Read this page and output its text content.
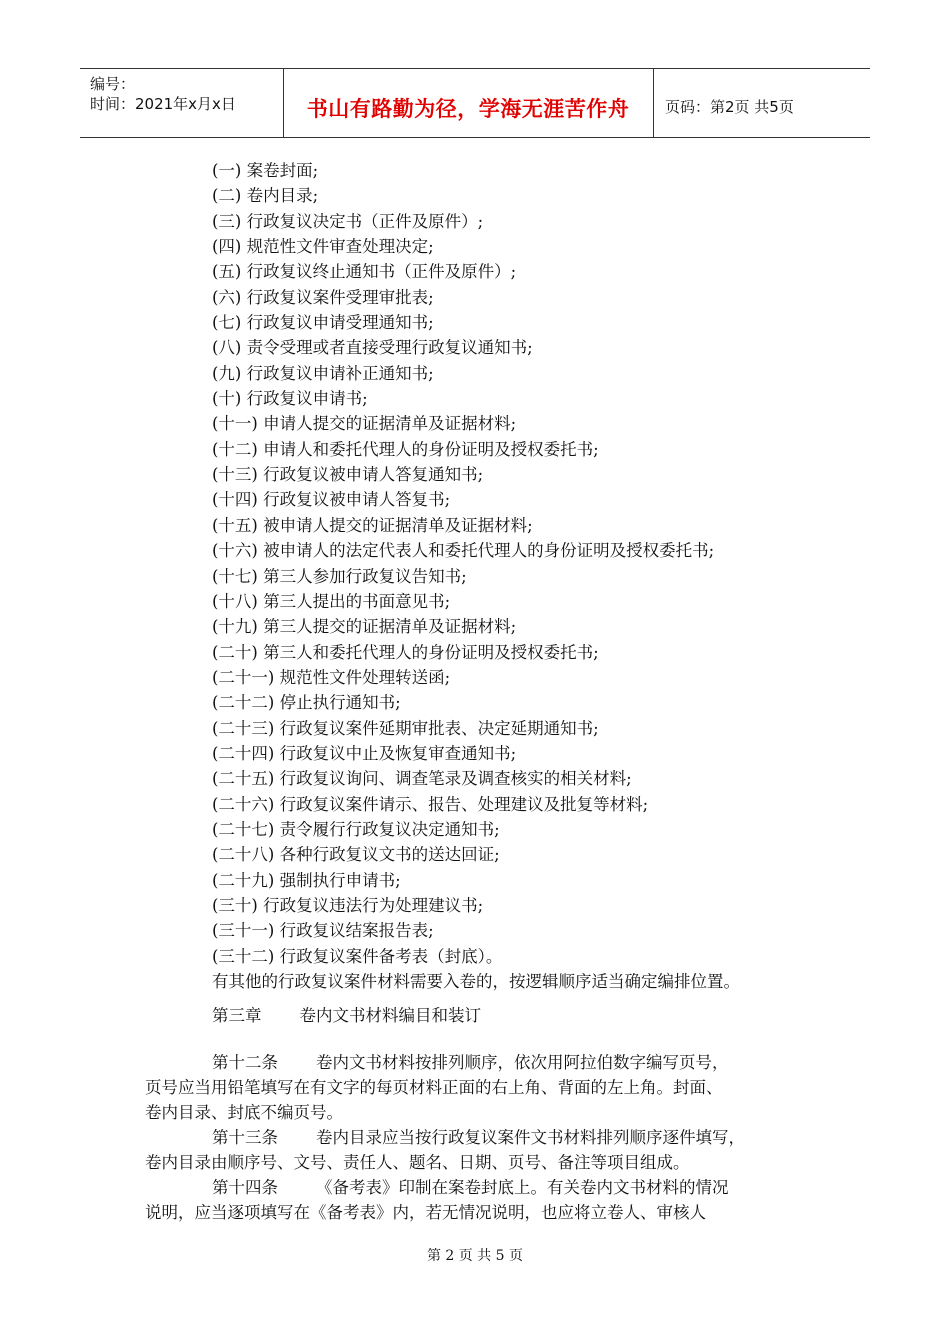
编号：
时间：2021年x月x日	书山有路勤为径，学海无涯苦作舟	页码：第2页 共5页
(一) 案卷封面;
(二) 卷内目录;
(三) 行政复议决定书（正件及原件）;
(四) 规范性文件审查处理决定;
(五) 行政复议终止通知书（正件及原件）;
(六) 行政复议案件受理审批表;
(七) 行政复议申请受理通知书;
(八) 责令受理或者直接受理行政复议通知书;
(九) 行政复议申请补正通知书;
(十) 行政复议申请书;
(十一) 申请人提交的证据清单及证据材料;
(十二) 申请人和委托代理人的身份证明及授权委托书;
(十三) 行政复议被申请人答复通知书;
(十四) 行政复议被申请人答复书;
(十五) 被申请人提交的证据清单及证据材料;
(十六) 被申请人的法定代表人和委托代理人的身份证明及授权委托书;
(十七) 第三人参加行政复议告知书;
(十八) 第三人提出的书面意见书;
(十九) 第三人提交的证据清单及证据材料;
(二十) 第三人和委托代理人的身份证明及授权委托书;
(二十一) 规范性文件处理转送函;
(二十二) 停止执行通知书;
(二十三) 行政复议案件延期审批表、决定延期通知书;
(二十四) 行政复议中止及恢复审查通知书;
(二十五) 行政复议询问、调查笔录及调查核实的相关材料;
(二十六) 行政复议案件请示、报告、处理建议及批复等材料;
(二十七) 责令履行行政复议决定通知书;
(二十八) 各种行政复议文书的送达回证;
(二十九) 强制执行申请书;
(三十) 行政复议违法行为处理建议书;
(三十一) 行政复议结案报告表;
(三十二) 行政复议案件备考表（封底）。
有其他的行政复议案件材料需要入卷的，按逻辑顺序适当确定编排位置。
第三章 卷内文书材料编目和装订
第十二条 卷内文书材料按排列顺序，依次用阿拉伯数字编写页号，
页号应当用铅笔填写在有文字的每页材料正面的右上角、背面的左上角。封面、
卷内目录、封底不编页号。
第十三条 卷内目录应当按行政复议案件文书材料排列顺序逐件填写，
卷内目录由顺序号、文号、责任人、题名、日期、页号、备注等项目组成。
第十四条 《备考表》印制在案卷封底上。有关卷内文书材料的情况
说明，应当逐项填写在《备考表》内，若无情况说明，也应将立卷人、审核人
第 2 页 共 5 页
